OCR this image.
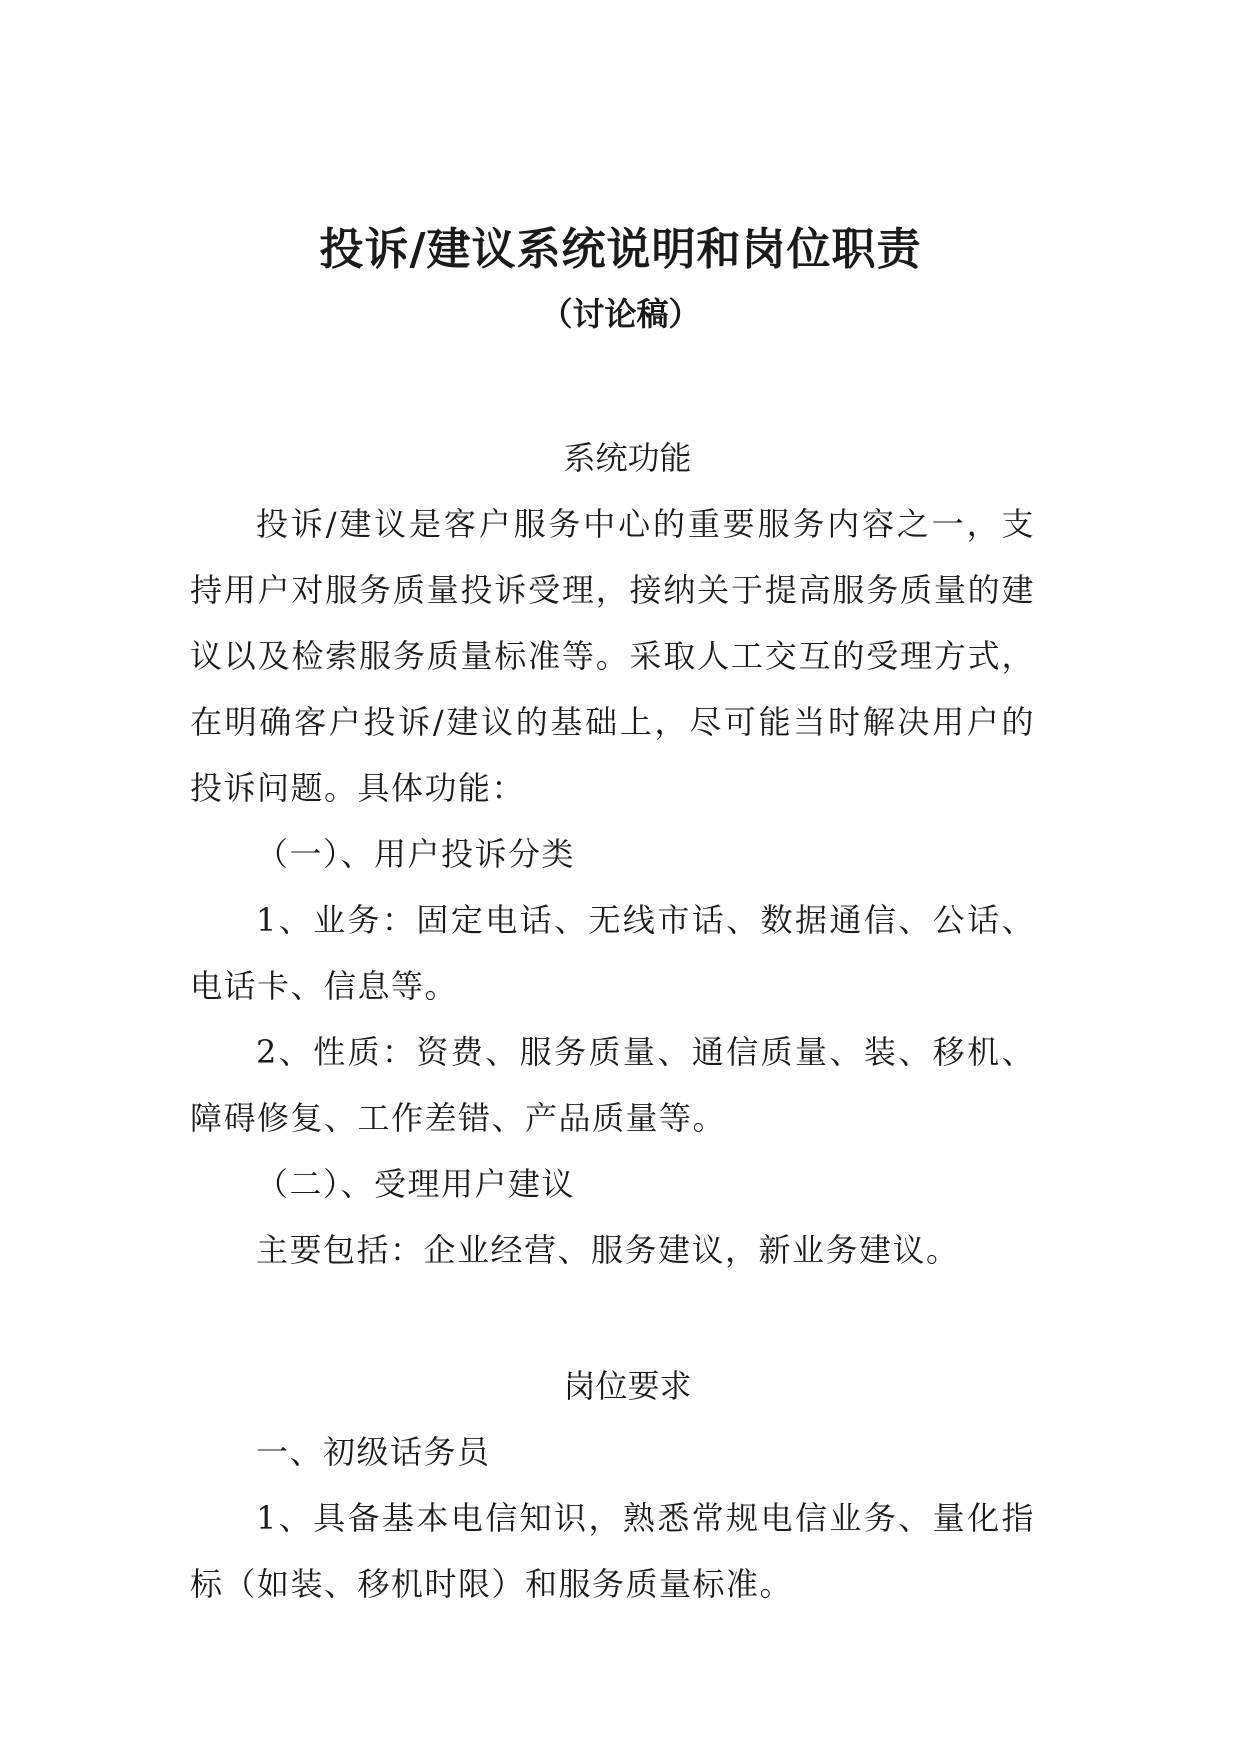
投诉/建议系统说明和岗位职责
（讨论稿）

系统功能

投诉/建议是客户服务中心的重要服务内容之一，支持用户对服务质量投诉受理，接纳关于提高服务质量的建议以及检索服务质量标准等。采取人工交互的受理方式，在明确客户投诉/建议的基础上，尽可能当时解决用户的投诉问题。具体功能：

（一）、用户投诉分类

1、业务：固定电话、无线市话、数据通信、公话、电话卡、信息等。

2、性质：资费、服务质量、通信质量、装、移机、障碍修复、工作差错、产品质量等。

（二）、受理用户建议

主要包括：企业经营、服务建议，新业务建议。

岗位要求

一、初级话务员

1、具备基本电信知识，熟悉常规电信业务、量化指标（如装、移机时限）和服务质量标准。
